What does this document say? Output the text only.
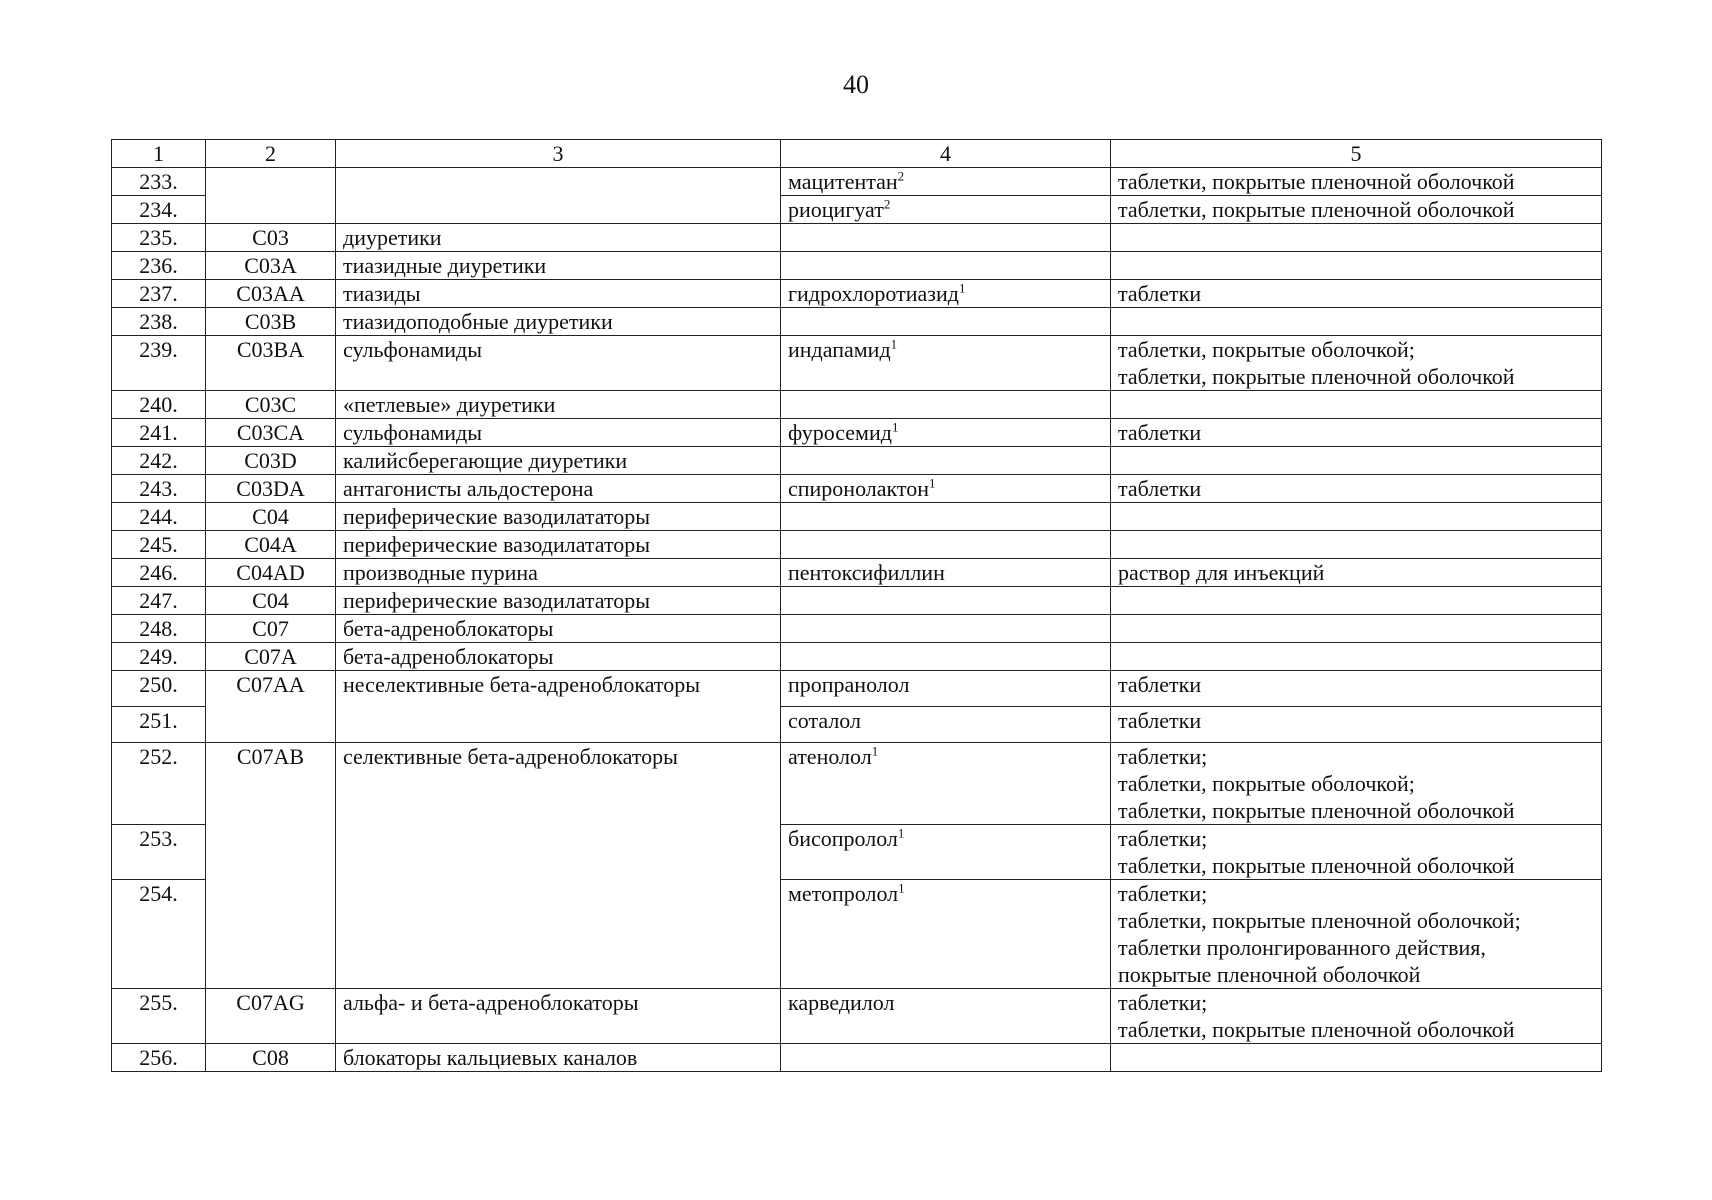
40
1	2	3	4	5
233.			мацитентан$^2$	таблетки, покрытые пленочной оболочкой

234.			риоцигуат$^2$	таблетки, покрытые пленочной оболочкой

235.	C03	диуретики		
236.	C03A	тиазидные диуретики		
237.	C03AA	тиазиды	гидрохлоротиазид$^1$	таблетки

238.	C03B	тиазидоподобные диуретики		
239.	C03BA	сульфонамиды	индапамид$^1$	таблетки, покрытые оболочкой;
таблетки, покрытые пленочной оболочкой

240.	C03C	«петлевые» диуретики		
241.	C03CA	сульфонамиды	фуросемид$^1$	таблетки

242.	C03D	калийсберегающие диуретики		
243.	C03DA	антагонисты альдостерона	спиронолактон$^1$	таблетки

244.	C04	периферические вазодилататоры		
245.	C04A	периферические вазодилататоры		
246.	C04AD	производные пурина	пентоксифиллин	раствор для инъекций

247.	C04	периферические вазодилататоры		
248.	C07	бета-адреноблокаторы		
249.	C07A	бета-адреноблокаторы		
250.	C07AA	неселективные бета-адреноблокаторы	пропранолол	таблетки

251.			соталол	таблетки

252.	C07AB	селективные бета-адреноблокаторы	атенолол$^1$	таблетки;
таблетки, покрытые оболочкой;
таблетки, покрытые пленочной оболочкой

253.			бисопролол$^1$	таблетки;
таблетки, покрытые пленочной оболочкой

254.			метопролол$^1$	таблетки;
таблетки, покрытые пленочной оболочкой;
таблетки пролонгированного действия,
покрытые пленочной оболочкой

255.	C07AG	альфа- и бета-адреноблокаторы	карведилол	таблетки;
таблетки, покрытые пленочной оболочкой

256.	C08	блокаторы кальциевых каналов		
